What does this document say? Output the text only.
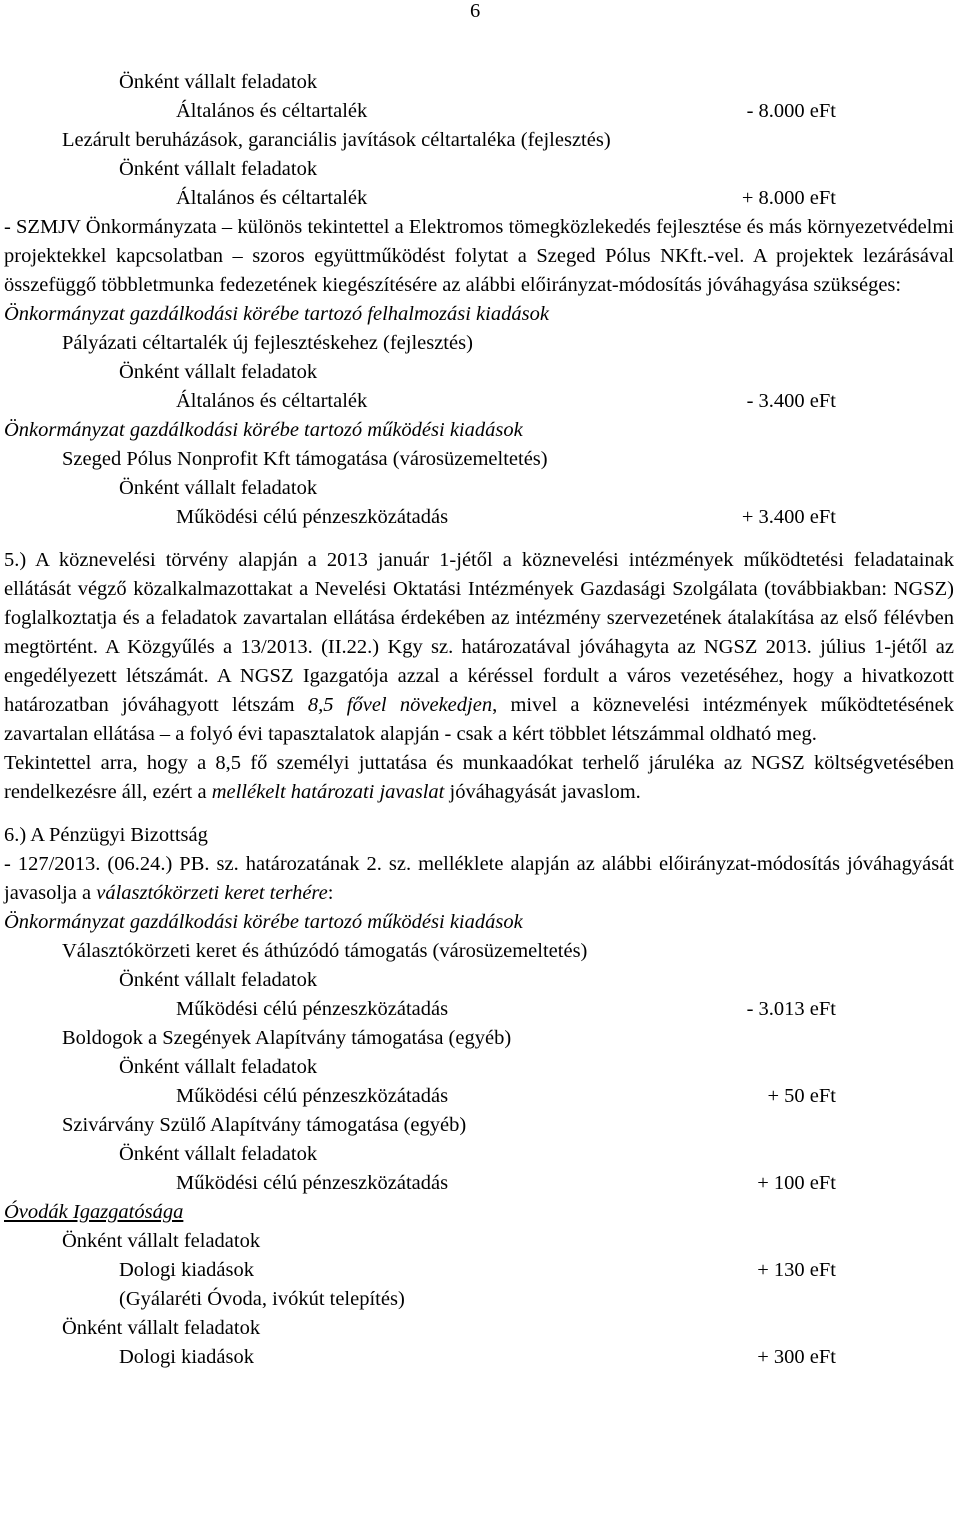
6
Önként vállalt feladatok
Általános és céltartalék	- 8.000 eFt
Lezárult beruházások, garanciális javítások céltartaléka (fejlesztés)
Önként vállalt feladatok
Általános és céltartalék	+ 8.000 eFt

- SZMJV Önkormányzata – különös tekintettel a Elektromos tömegközlekedés fejlesztése és más környezetvédelmi projektekkel kapcsolatban – szoros együttműködést folytat a Szeged Pólus NKft.-vel. A projektek lezárásával összefüggő többletmunka fedezetének kiegészítésére az alábbi előirányzat-módosítás jóváhagyása szükséges:

Önkormányzat gazdálkodási körébe tartozó felhalmozási kiadások
Pályázati céltartalék új fejlesztéskehez (fejlesztés)
Önként vállalt feladatok
Általános és céltartalék	- 3.400 eFt
Önkormányzat gazdálkodási körébe tartozó működési kiadások
Szeged Pólus Nonprofit Kft támogatása (városüzemeltetés)
Önként vállalt feladatok
Működési célú pénzeszközátadás	+ 3.400 eFt

5.) A köznevelési törvény alapján a 2013 január 1-jétől a köznevelési intézmények működtetési feladatainak ellátását végző közalkalmazottakat a Nevelési Oktatási Intézmények Gazdasági Szolgálata (továbbiakban: NGSZ) foglalkoztatja és a feladatok zavartalan ellátása érdekében az intézmény szervezetének átalakítása az első félévben megtörtént. A Közgyűlés a 13/2013. (II.22.) Kgy sz. határozatával jóváhagyta az NGSZ 2013. július 1-jétől az engedélyezett létszámát. A NGSZ Igazgatója azzal a kéréssel fordult a város vezetéséhez, hogy a hivatkozott határozatban jóváhagyott létszám 8,5 fővel növekedjen, mivel a köznevelési intézmények működtetésének zavartalan ellátása – a folyó évi tapasztalatok alapján - csak a kért többlet létszámmal oldható meg.

Tekintettel arra, hogy a 8,5 fő személyi juttatása és munkaadókat terhelő járuléka az NGSZ költségvetésében rendelkezésre áll, ezért a mellékelt határozati javaslat jóváhagyását javaslom.

6.) A Pénzügyi Bizottság

- 127/2013. (06.24.) PB. sz. határozatának 2. sz. melléklete alapján az alábbi előirányzat-módosítás jóváhagyását javasolja a választókörzeti keret terhére:

Önkormányzat gazdálkodási körébe tartozó működési kiadások
Választókörzeti keret és áthúzódó támogatás (városüzemeltetés)
Önként vállalt feladatok
Működési célú pénzeszközátadás	- 3.013 eFt
Boldogok a Szegények Alapítvány támogatása (egyéb)
Önként vállalt feladatok
Működési célú pénzeszközátadás	+ 50 eFt
Szivárvány Szülő Alapítvány támogatása (egyéb)
Önként vállalt feladatok
Működési célú pénzeszközátadás	+ 100 eFt
Óvodák Igazgatósága
Önként vállalt feladatok
Dologi kiadások	+ 130 eFt
(Gyálaréti Óvoda, ivókút telepítés)
Önként vállalt feladatok
Dologi kiadások	+ 300 eFt
